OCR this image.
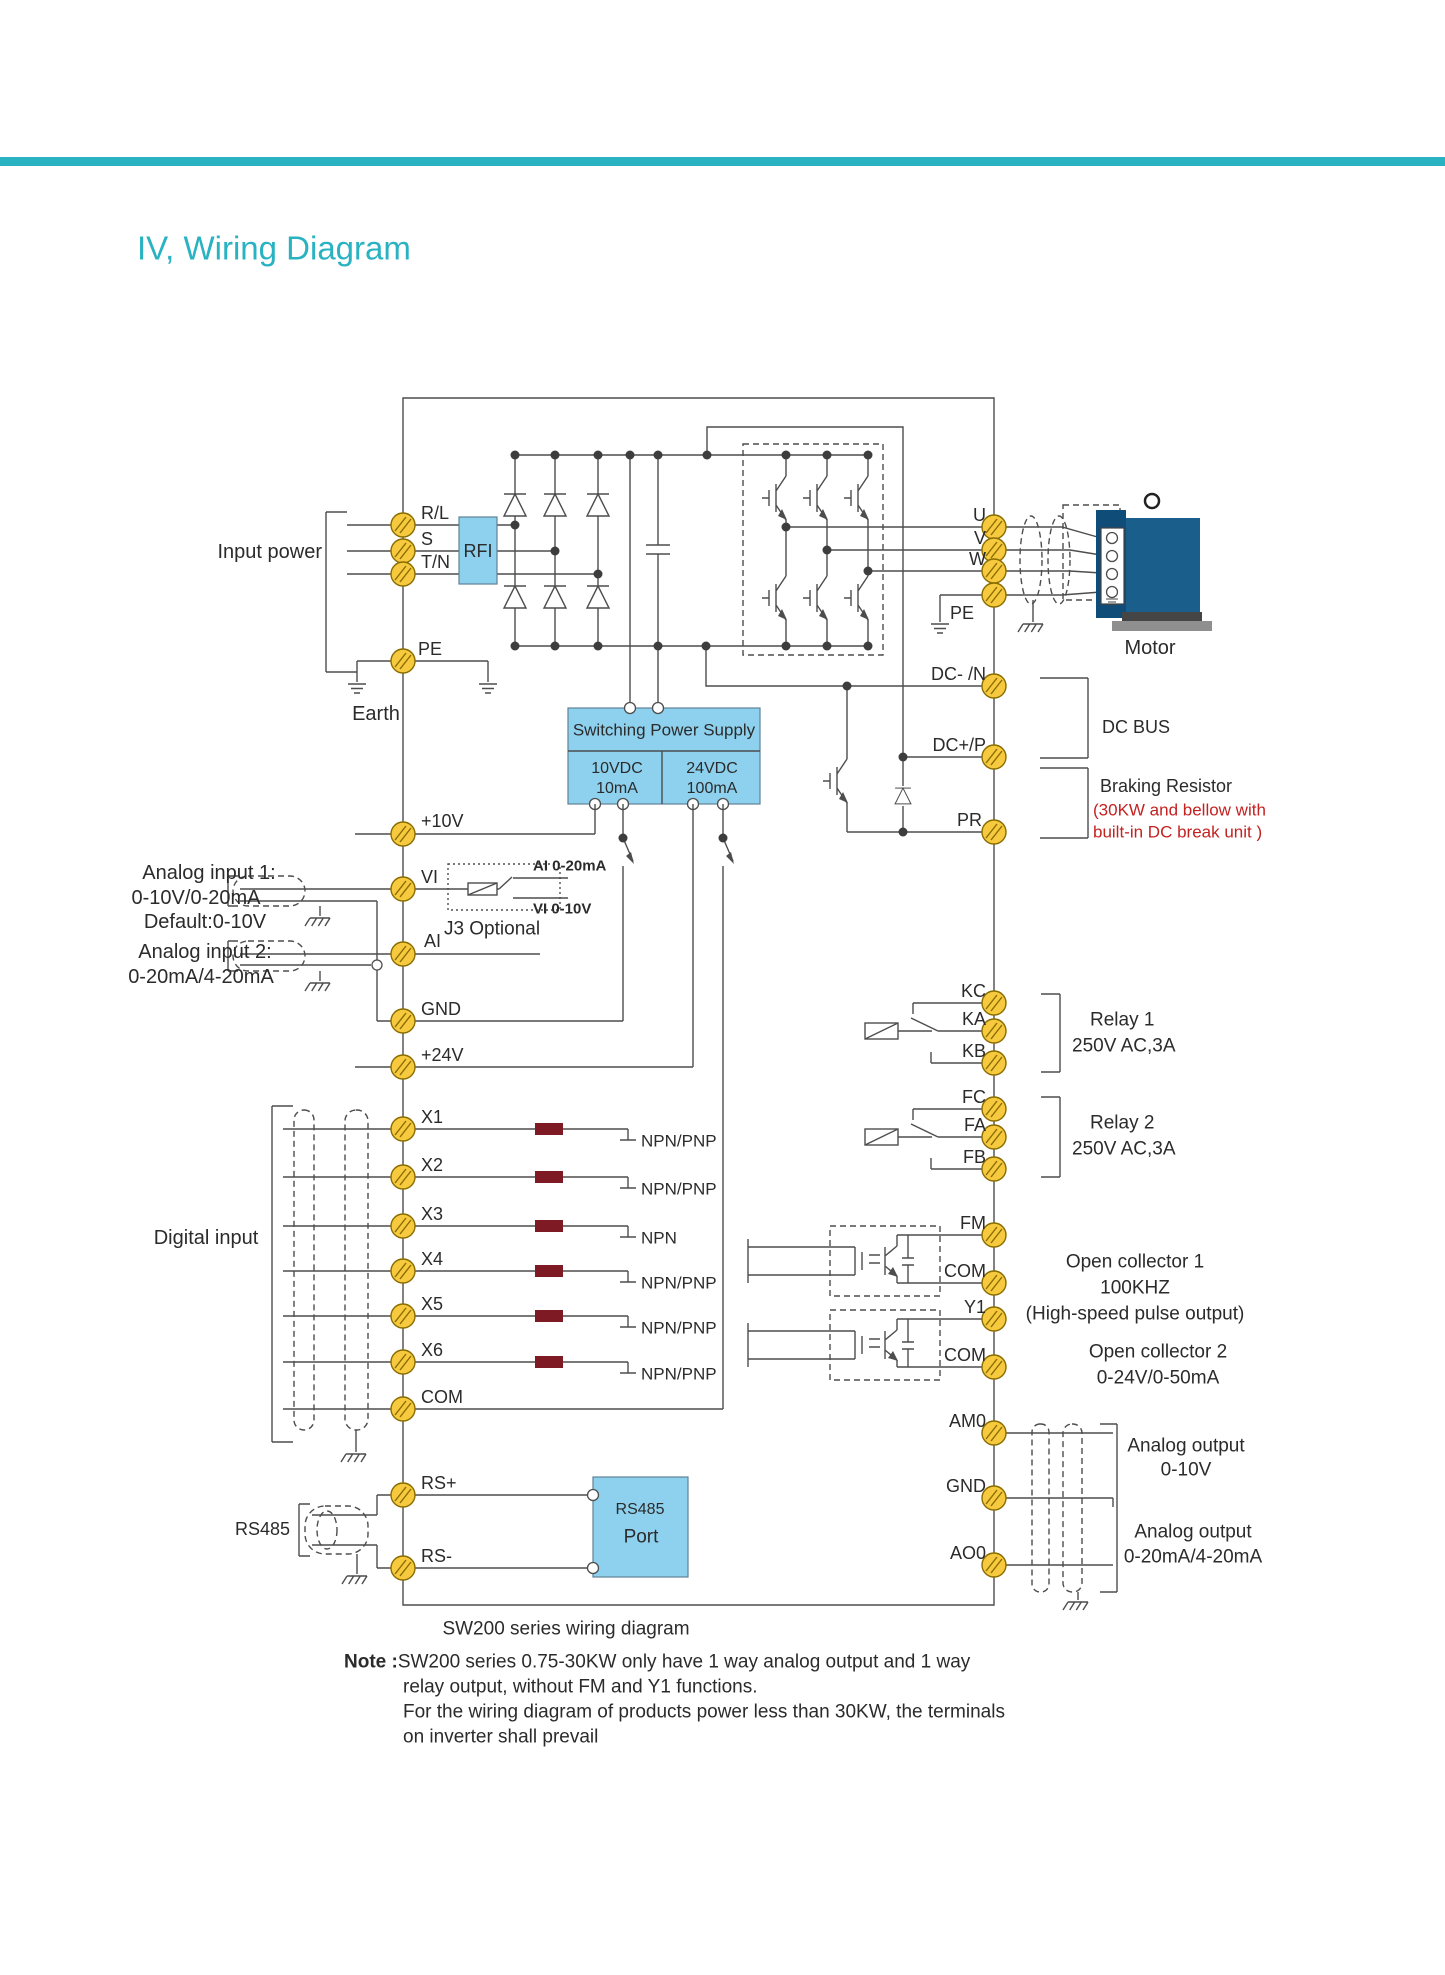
IV, Wiring Diagram
Input power
R/L
S
T/N
PE
Earth
RFI
Switching Power Supply
10VDC
10mA
24VDC
100mA
+10V
Analog input 1:
0-10V/0-20mA
Default:0-10V
VI
Analog input 2:
0-20mA/4-20mA
AI
J3 Optional
AI 0-20mA
VI 0-10V
GND
+24V
Digital input
X1
X2
X3
X4
X5
X6
COM
NPN/PNP
NPN/PNP
NPN
NPN/PNP
NPN/PNP
NPN/PNP
RS485
RS+
RS-
RS485
Port
U
V
W
PE
Motor
DC- /N
DC+/P
DC BUS
PR
Braking Resistor
(30KW and bellow with
built-in DC break unit )
KC
KA
KB
Relay 1
250V AC,3A
FC
FA
FB
Relay 2
250V AC,3A
FM
COM
Y1
COM
Open collector 1
100KHZ
(High-speed pulse output)
Open collector 2
0-24V/0-50mA
AM0
GND
AO0
Analog output
0-10V
Analog output
0-20mA/4-20mA
SW200 series wiring diagram
Note :SW200 series 0.75-30KW only have 1 way analog output and 1 way
relay output, without FM and Y1 functions.
For the wiring diagram of products power less than 30KW, the terminals
on inverter shall prevail
